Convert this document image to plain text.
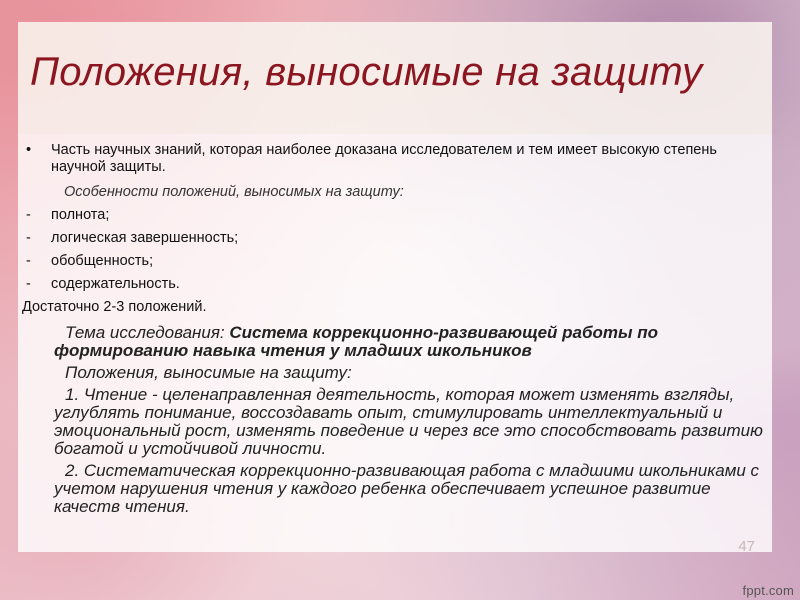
Положения, выносимые на защиту
•	Часть научных знаний, которая наиболее доказана исследователем и тем имеет высокую степень научной защиты.
Особенности положений, выносимых на защиту:
-	полнота;
-	логическая завершенность;
-	обобщенность;
-	содержательность.
Достаточно 2-3 положений.
Тема исследования: Система коррекционно-развивающей работы по формированию навыка чтения у младших школьников
Положения, выносимые на защиту:
1. Чтение - целенаправленная деятельность, которая может изменять взгляды, углублять понимание, воссоздавать опыт, стимулировать интеллектуальный и эмоциональный рост, изменять поведение и через все это способствовать развитию богатой и устойчивой личности.
2. Систематическая коррекционно-развивающая работа с младшими школьниками с учетом нарушения чтения у каждого ребенка обеспечивает успешное развитие качеств чтения.
47
fppt.com
